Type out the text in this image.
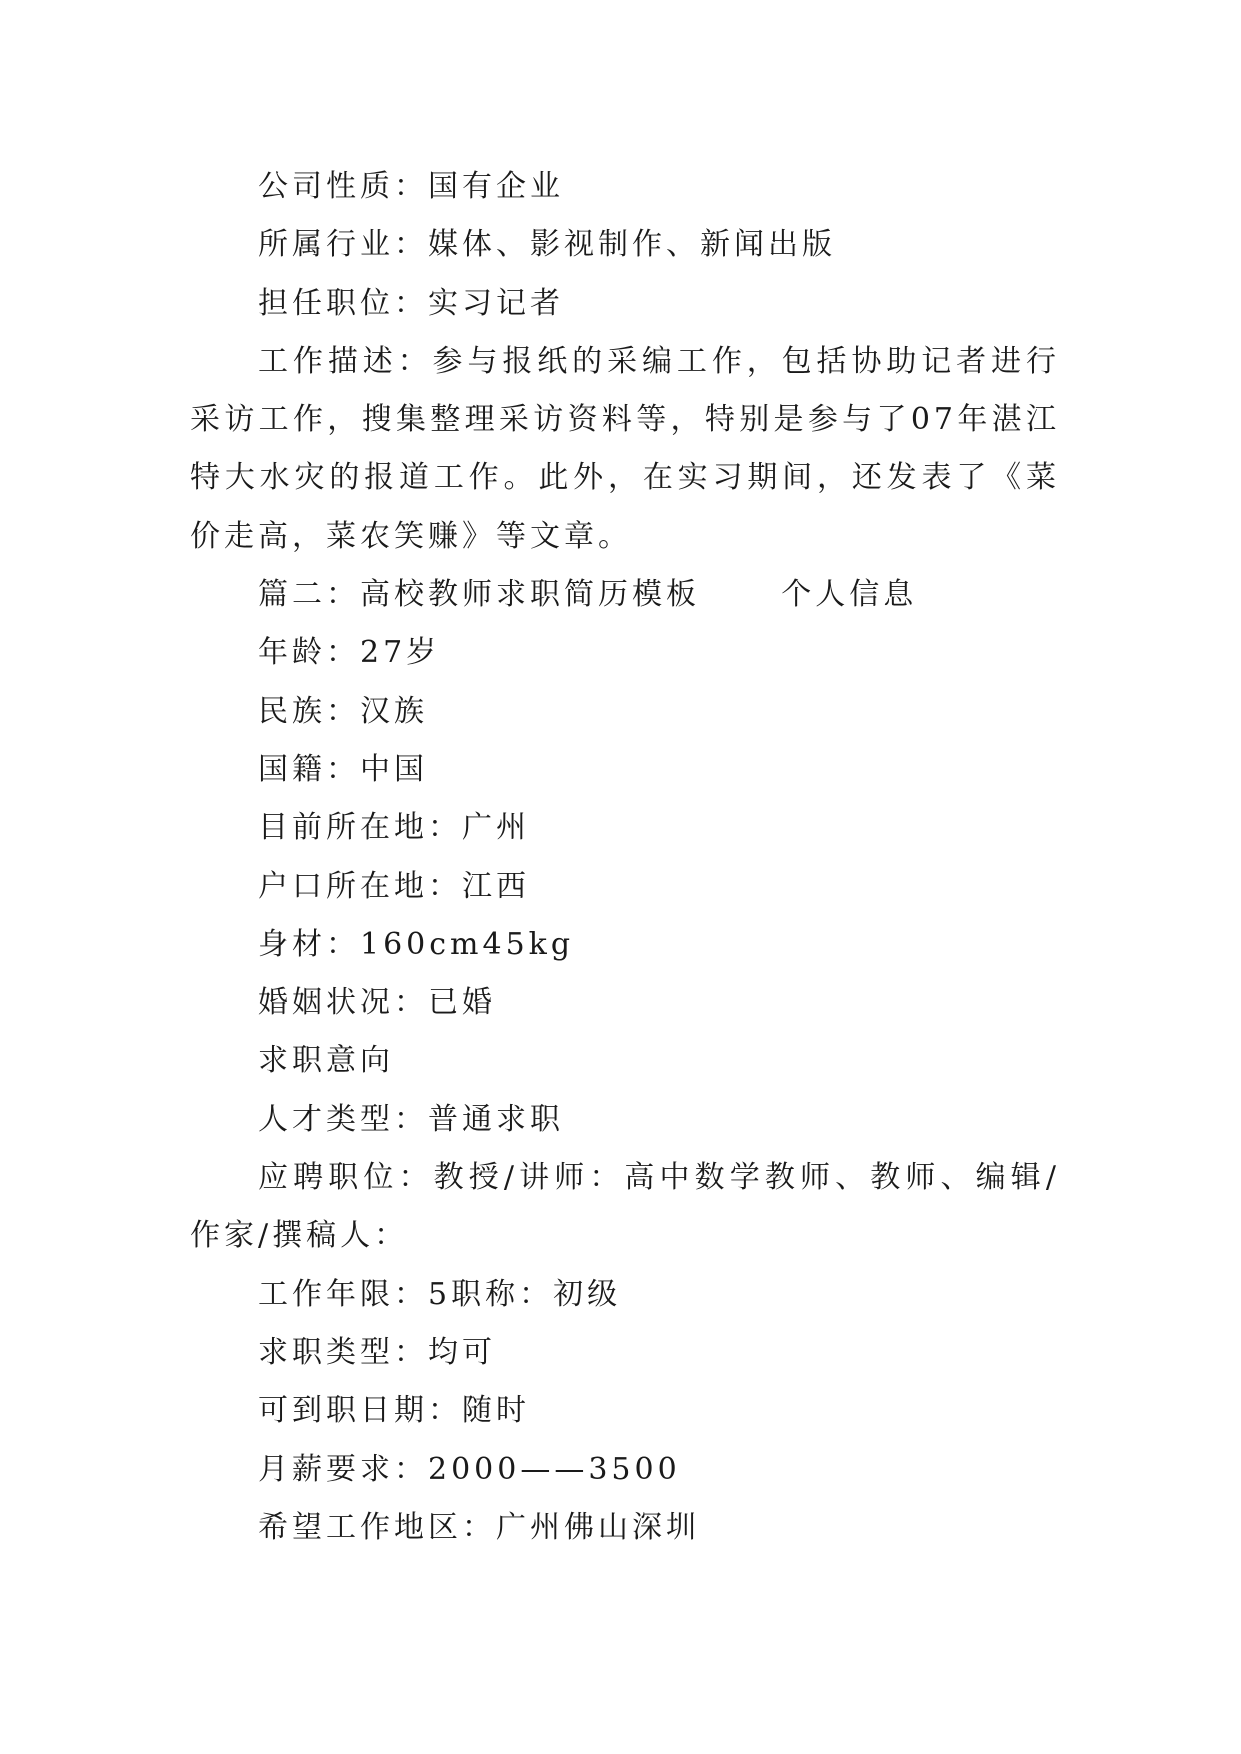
公司性质：国有企业

所属行业：媒体、影视制作、新闻出版

担任职位：实习记者

工作描述：参与报纸的采编工作，包括协助记者进行采访工作，搜集整理采访资料等，特别是参与了07年湛江特大水灾的报道工作。此外，在实习期间，还发表了《菜价走高，菜农笑赚》等文章。

篇二：高校教师求职简历模板      个人信息

年龄：27岁

民族：汉族

国籍：中国

目前所在地：广州

户口所在地：江西

身材：160cm45kg

婚姻状况：已婚

求职意向

人才类型：普通求职

应聘职位：教授/讲师：高中数学教师、教师、编辑/作家/撰稿人：

工作年限：5职称：初级

求职类型：均可

可到职日期：随时

月薪要求：2000——3500

希望工作地区：广州佛山深圳
